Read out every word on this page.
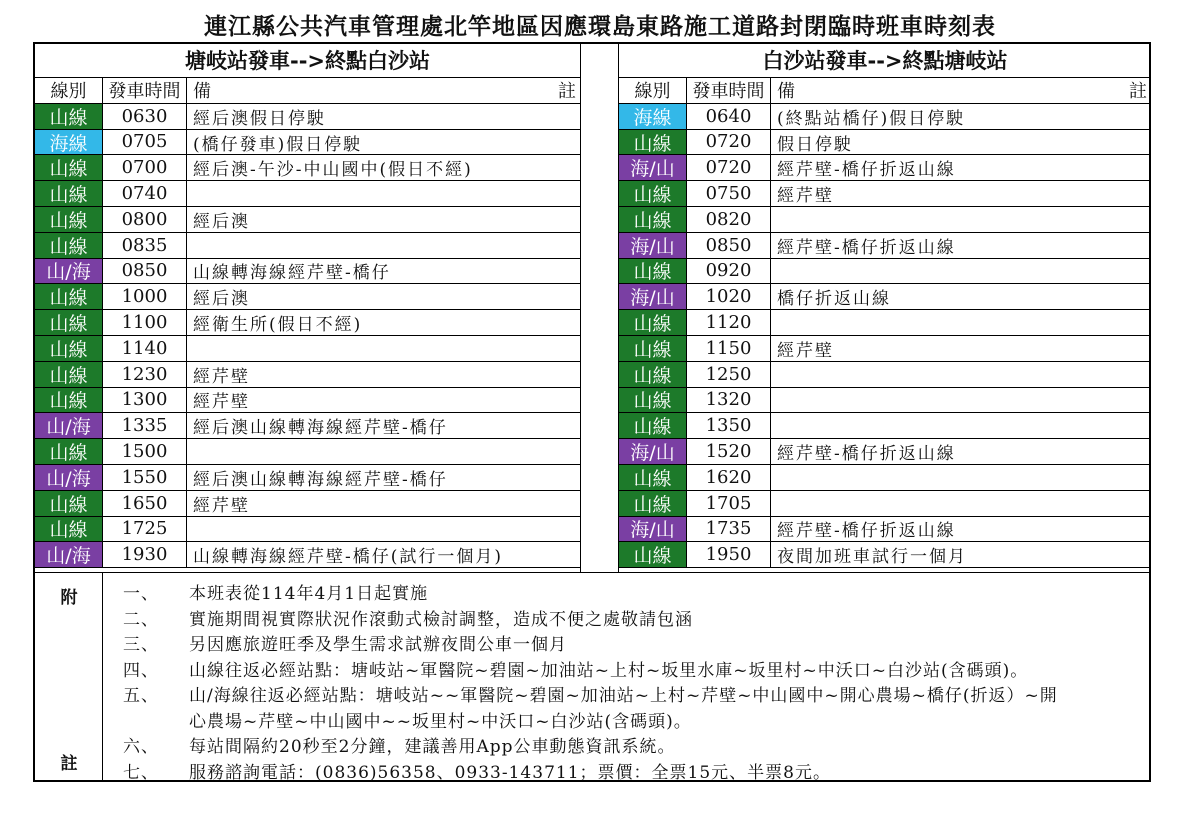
連江縣公共汽車管理處北竿地區因應環島東路施工道路封閉臨時班車時刻表
塘岐站發車-->終點白沙站
線別	發車時間 備	註
山線	0630	經后澳假日停駛
海線	0705	(橋仔發車)假日停駛
山線	0700	經后澳-午沙-中山國中(假日不經)
山線	0740
山線	0800	經后澳
山線	0835
山/海	0850	山線轉海線經芹壁-橋仔
山線	1000	經后澳
山線	1100	經衛生所(假日不經)
山線	1140
山線	1230	經芹壁
山線	1300	經芹壁
山/海	1335	經后澳山線轉海線經芹壁-橋仔
山線	1500
山/海	1550	經后澳山線轉海線經芹壁-橋仔
山線	1650	經芹壁
山線	1725
山/海	1930	山線轉海線經芹壁-橋仔(試行一個月)
白沙站發車-->終點塘岐站
線別	發車時間 備	註
海線	0640	(終點站橋仔)假日停駛
山線	0720	假日停駛
海/山	0720	經芹壁-橋仔折返山線
山線	0750	經芹壁
山線	0820
海/山	0850	經芹壁-橋仔折返山線
山線	0920
海/山	1020	橋仔折返山線
山線	1120
山線	1150	經芹壁
山線	1250
山線	1320
山線	1350
海/山	1520	經芹壁-橋仔折返山線
山線	1620
山線	1705
海/山	1735	經芹壁-橋仔折返山線
山線	1950	夜間加班車試行一個月
附
註
一、 本班表從114年4月1日起實施
二、 實施期間視實際狀況作滾動式檢討調整，造成不便之處敬請包涵
三、 另因應旅遊旺季及學生需求試辦夜間公車一個月
四、 山線往返必經站點：塘岐站~軍醫院~碧園~加油站~上村~坂里水庫~坂里村~中沃口~白沙站(含碼頭)。
五、 山/海線往返必經站點：塘岐站~~軍醫院~碧園~加油站~上村~芹壁~中山國中~開心農場~橋仔(折返）~開
心農場~芹壁~中山國中~~坂里村~中沃口~白沙站(含碼頭)。
六、 每站間隔約20秒至2分鐘，建議善用App公車動態資訊系統。
七、 服務諮詢電話：(0836)56358、0933-143711；票價：全票15元、半票8元。
